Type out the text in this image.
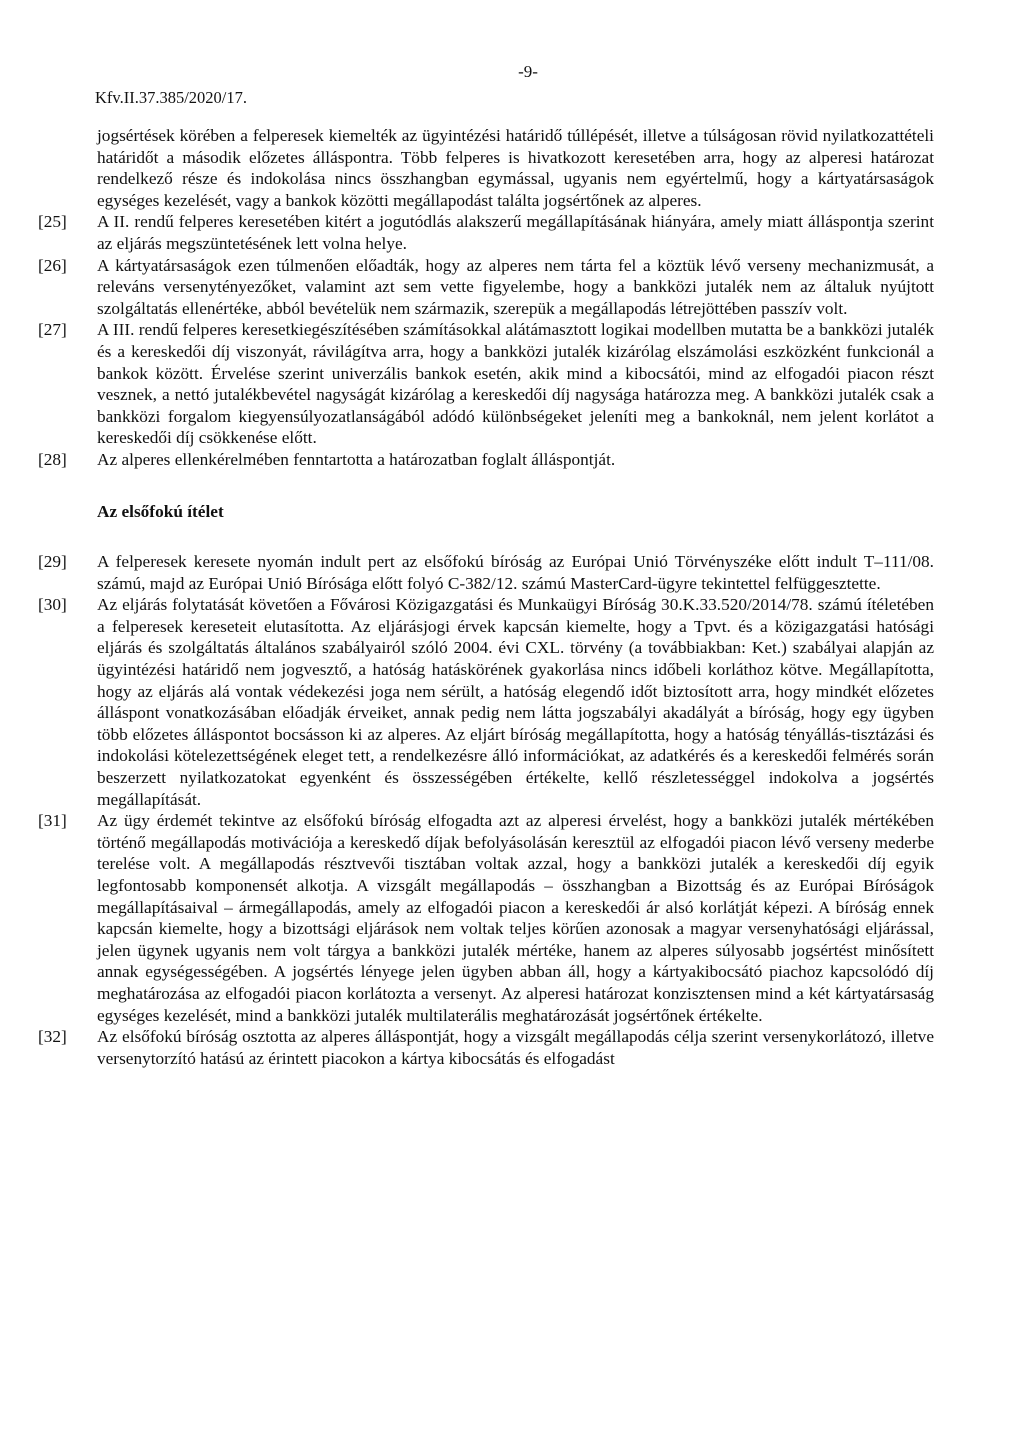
-9-
Kfv.II.37.385/2020/17.
jogsértések körében a felperesek kiemelték az ügyintézési határidő túllépését, illetve a túlságosan rövid nyilatkozattételi határidőt a második előzetes álláspontra. Több felperes is hivatkozott keresetében arra, hogy az alperesi határozat rendelkező része és indokolása nincs összhangban egymással, ugyanis nem egyértelmű, hogy a kártyatársaságok egységes kezelését, vagy a bankok közötti megállapodást találta jogsértőnek az alperes.
[25]	A II. rendű felperes keresetében kitért a jogutódlás alakszerű megállapításának hiányára, amely miatt álláspontja szerint az eljárás megszüntetésének lett volna helye.
[26]	A kártyatársaságok ezen túlmenően előadták, hogy az alperes nem tárta fel a köztük lévő verseny mechanizmusát, a releváns versenytényezőket, valamint azt sem vette figyelembe, hogy a bankközi jutalék nem az általuk nyújtott szolgáltatás ellenértéke, abból bevételük nem származik, szerepük a megállapodás létrejöttében passzív volt.
[27]	A III. rendű felperes keresetkiegészítésében számításokkal alátámasztott logikai modellben mutatta be a bankközi jutalék és a kereskedői díj viszonyát, rávilágítva arra, hogy a bankközi jutalék kizárólag elszámolási eszközként funkcionál a bankok között. Érvelése szerint univerzális bankok esetén, akik mind a kibocsátói, mind az elfogadói piacon részt vesznek, a nettó jutalékbevétel nagyságát kizárólag a kereskedői díj nagysága határozza meg. A bankközi jutalék csak a bankközi forgalom kiegyensúlyozatlanságából adódó különbségeket jeleníti meg a bankoknál, nem jelent korlátot a kereskedői díj csökkenése előtt.
[28]	Az alperes ellenkérelmében fenntartotta a határozatban foglalt álláspontját.
Az elsőfokú ítélet
[29]	A felperesek keresete nyomán indult pert az elsőfokú bíróság az Európai Unió Törvényszéke előtt indult T–111/08. számú, majd az Európai Unió Bírósága előtt folyó C-382/12. számú MasterCard-ügyre tekintettel felfüggesztette.
[30]	Az eljárás folytatását követően a Fővárosi Közigazgatási és Munkaügyi Bíróság 30.K.33.520/2014/78. számú ítéletében a felperesek kereseteit elutasította. Az eljárásjogi érvek kapcsán kiemelte, hogy a Tpvt. és a közigazgatási hatósági eljárás és szolgáltatás általános szabályairól szóló 2004. évi CXL. törvény (a továbbiakban: Ket.) szabályai alapján az ügyintézési határidő nem jogvesztő, a hatóság hatáskörének gyakorlása nincs időbeli korláthoz kötve. Megállapította, hogy az eljárás alá vontak védekezési joga nem sérült, a hatóság elegendő időt biztosított arra, hogy mindkét előzetes álláspont vonatkozásában előadják érveiket, annak pedig nem látta jogszabályi akadályát a bíróság, hogy egy ügyben több előzetes álláspontot bocsásson ki az alperes. Az eljárt bíróság megállapította, hogy a hatóság tényállás-tisztázási és indokolási kötelezettségének eleget tett, a rendelkezésre álló információkat, az adatkérés és a kereskedői felmérés során beszerzett nyilatkozatokat egyenként és összességében értékelte, kellő részletességgel indokolva a jogsértés megállapítását.
[31]	Az ügy érdemét tekintve az elsőfokú bíróság elfogadta azt az alperesi érvelést, hogy a bankközi jutalék mértékében történő megállapodás motivációja a kereskedő díjak befolyásolásán keresztül az elfogadói piacon lévő verseny mederbe terelése volt. A megállapodás résztvevői tisztában voltak azzal, hogy a bankközi jutalék a kereskedői díj egyik legfontosabb komponensét alkotja. A vizsgált megállapodás – összhangban a Bizottság és az Európai Bíróságok megállapításaival – ármegállapodás, amely az elfogadói piacon a kereskedői ár alsó korlátját képezi. A bíróság ennek kapcsán kiemelte, hogy a bizottsági eljárások nem voltak teljes körűen azonosak a magyar versenyhatósági eljárással, jelen ügynek ugyanis nem volt tárgya a bankközi jutalék mértéke, hanem az alperes súlyosabb jogsértést minősített annak egységességében. A jogsértés lényege jelen ügyben abban áll, hogy a kártyakibocsátó piachoz kapcsolódó díj meghatározása az elfogadói piacon korlátozta a versenyt. Az alperesi határozat konzisztensen mind a két kártyatársaság egységes kezelését, mind a bankközi jutalék multilaterális meghatározását jogsértőnek értékelte.
[32]	Az elsőfokú bíróság osztotta az alperes álláspontját, hogy a vizsgált megállapodás célja szerint versenykorlátozó, illetve versenytorzító hatású az érintett piacokon a kártya kibocsátás és elfogadást
